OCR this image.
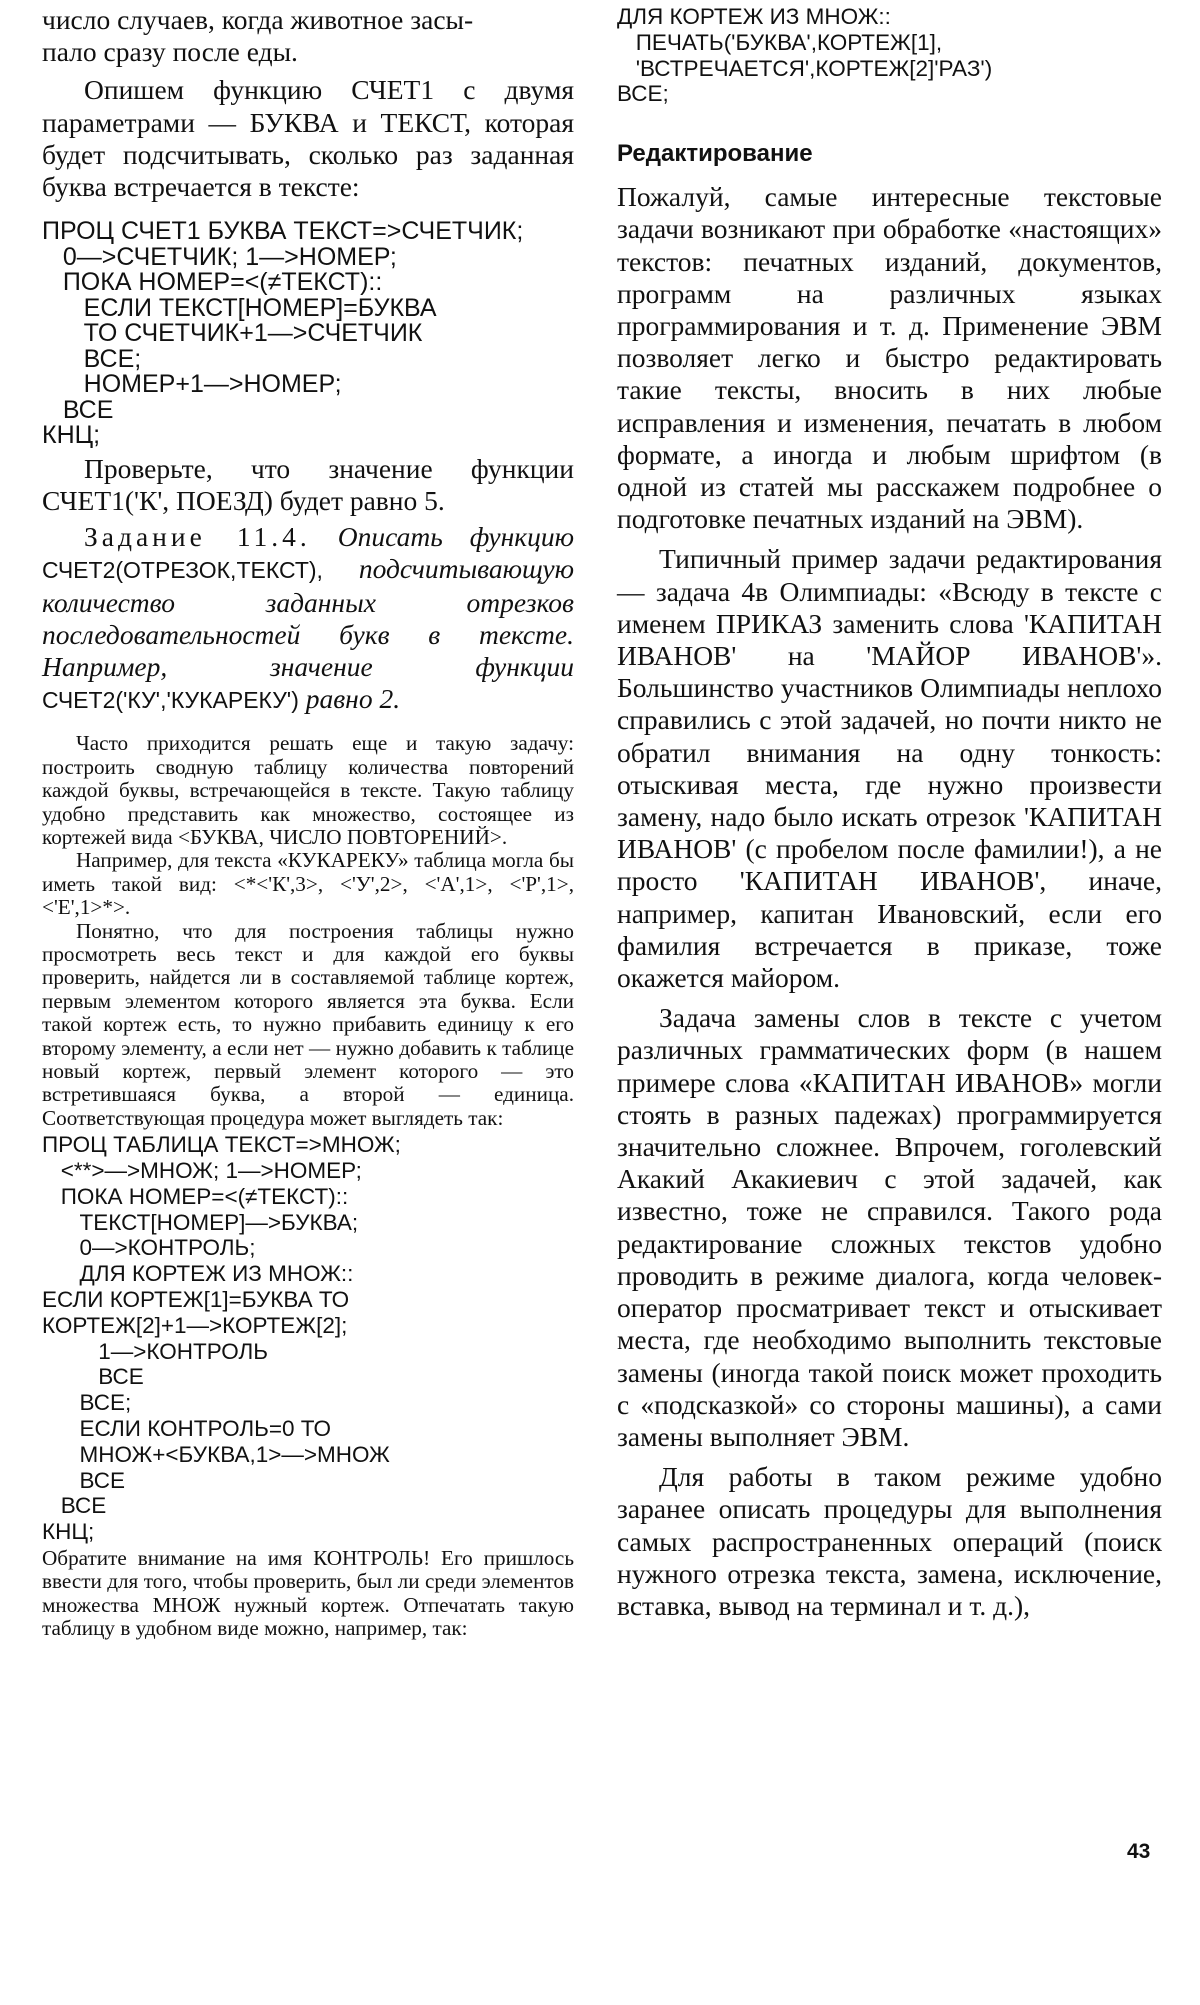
число случаев, когда животное засы-
пало сразу после еды.

Опишем функцию СЧЕТ1 с двумя параметрами — БУКВА и ТЕКСТ, которая будет подсчитывать, сколько раз заданная буква встречается в тексте:

ПРОЦ СЧЕТ1 БУКВА ТЕКСТ=>СЧЕТЧИК;
0—>СЧЕТЧИК; 1—>НОМЕР;
ПОКА НОМЕР=<(≠ТЕКСТ)::
ЕСЛИ ТЕКСТ[НОМЕР]=БУКВА
ТО СЧЕТЧИК+1—>СЧЕТЧИК
ВСЕ;
НОМЕР+1—>НОМЕР;
ВСЕ
КНЦ;

Проверьте, что значение функции СЧЕТ1('К', ПОЕЗД) будет равно 5.

Задание 11.4. Описать функцию СЧЕТ2(ОТРЕЗОК,ТЕКСТ), подсчитывающую количество заданных отрезков последовательностей букв в тексте. Например, значение функции СЧЕТ2('КУ','КУКАРЕКУ') равно 2.

Часто приходится решать еще и такую задачу: построить сводную таблицу количества повторений каждой буквы, встречающейся в тексте. Такую таблицу удобно представить как множество, состоящее из кортежей вида <БУКВА, ЧИСЛО ПОВТОРЕНИЙ>.

Например, для текста «КУКАРЕКУ» таблица могла бы иметь такой вид: <*<'К',3>, <'У',2>, <'А',1>, <'Р',1>, <'Е',1>*>.

Понятно, что для построения таблицы нужно просмотреть весь текст и для каждой его буквы проверить, найдется ли в составляемой таблице кортеж, первым элементом которого является эта буква. Если такой кортеж есть, то нужно прибавить единицу к его второму элементу, а если нет — нужно добавить к таблице новый кортеж, первый элемент которого — это встретившаяся буква, а второй — единица. Соответствующая процедура может выглядеть так:

ПРОЦ ТАБЛИЦА ТЕКСТ=>МНОЖ;
<**>—>МНОЖ; 1—>НОМЕР;
ПОКА НОМЕР=<(≠ТЕКСТ)::
ТЕКСТ[НОМЕР]—>БУКВА;
0—>КОНТРОЛЬ;
ДЛЯ КОРТЕЖ ИЗ МНОЖ::
ЕСЛИ КОРТЕЖ[1]=БУКВА ТО
КОРТЕЖ[2]+1—>КОРТЕЖ[2];
1—>КОНТРОЛЬ
ВСЕ
ВСЕ;
ЕСЛИ КОНТРОЛЬ=0 ТО
МНОЖ+<БУКВА,1>—>МНОЖ
ВСЕ
ВСЕ
КНЦ;

Обратите внимание на имя КОНТРОЛЬ! Его пришлось ввести для того, чтобы проверить, был ли среди элементов множества МНОЖ нужный кортеж. Отпечатать такую таблицу в удобном виде можно, например, так:

ДЛЯ КОРТЕЖ ИЗ МНОЖ::
ПЕЧАТЬ('БУКВА',КОРТЕЖ[1],
'ВСТРЕЧАЕТСЯ',КОРТЕЖ[2]'РАЗ')
ВСЕ;
Редактирование

Пожалуй, самые интересные текстовые задачи возникают при обработке «настоящих» текстов: печатных изданий, документов, программ на различных языках программирования и т. д. Применение ЭВМ позволяет легко и быстро редактировать такие тексты, вносить в них любые исправления и изменения, печатать в любом формате, а иногда и любым шрифтом (в одной из статей мы расскажем подробнее о подготовке печатных изданий на ЭВМ).

Типичный пример задачи редактирования — задача 4в Олимпиады: «Всюду в тексте с именем ПРИКАЗ заменить слова 'КАПИТАН ИВАНОВ' на 'МАЙОР ИВАНОВ'». Большинство участников Олимпиады неплохо справились с этой задачей, но почти никто не обратил внимания на одну тонкость: отыскивая места, где нужно произвести замену, надо было искать отрезок 'КАПИТАН ИВАНОВ' (с пробелом после фамилии!), а не просто 'КАПИТАН ИВАНОВ', иначе, например, капитан Ивановский, если его фамилия встречается в приказе, тоже окажется майором.

Задача замены слов в тексте с учетом различных грамматических форм (в нашем примере слова «КАПИТАН ИВАНОВ» могли стоять в разных падежах) программируется значительно сложнее. Впрочем, гоголевский Акакий Акакиевич с этой задачей, как известно, тоже не справился. Такого рода редактирование сложных текстов удобно проводить в режиме диалога, когда человек-оператор просматривает текст и отыскивает места, где необходимо выполнить текстовые замены (иногда такой поиск может проходить с «подсказкой» со стороны машины), а сами замены выполняет ЭВМ.

Для работы в таком режиме удобно заранее описать процедуры для выполнения самых распространенных операций (поиск нужного отрезка текста, замена, исключение, вставка, вывод на терминал и т. д.),

43
